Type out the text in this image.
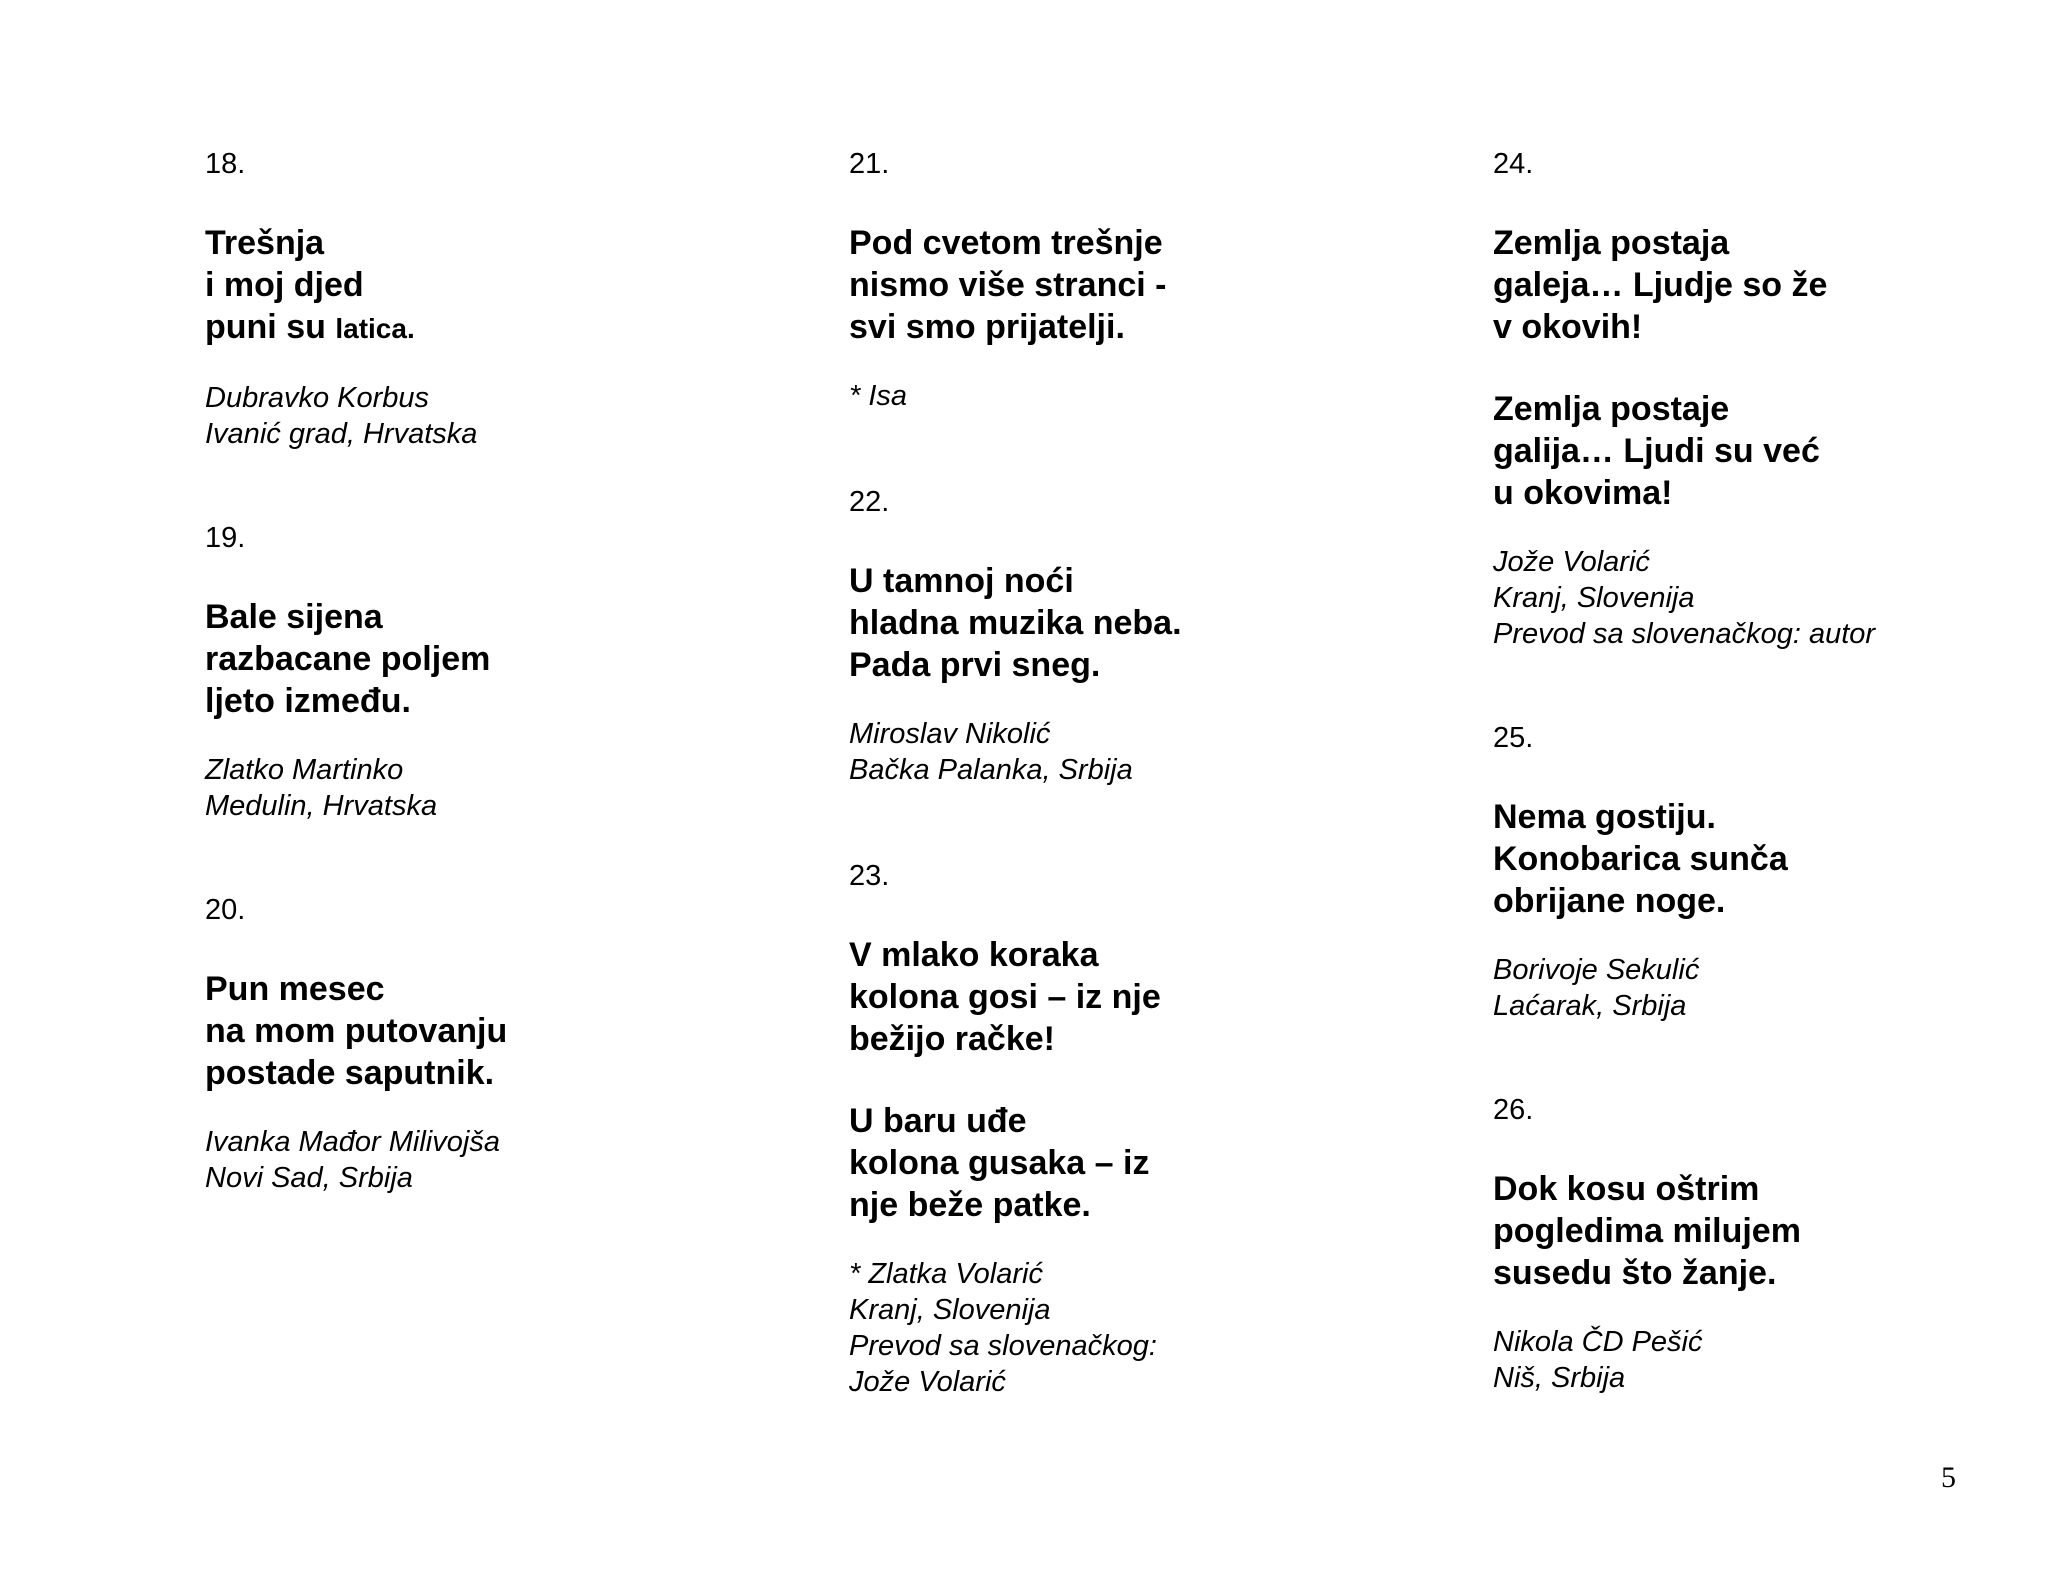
18.
Trešnja
i moj djed
puni su latica.
Dubravko Korbus
Ivanić grad, Hrvatska
19.
Bale sijena
razbacane poljem
ljeto između.
Zlatko Martinko
Medulin, Hrvatska
20.
Pun mesec
na mom putovanju
postade saputnik.
Ivanka Mađor Milivojša
Novi Sad, Srbija
21.
Pod cvetom trešnje
nismo više stranci -
svi smo prijatelji.
* Isa
22.
U tamnoj noći
hladna muzika neba.
Pada prvi sneg.
Miroslav Nikolić
Bačka Palanka, Srbija
23.
V mlako koraka
kolona gosi – iz nje
bežijo račke!
U baru uđe
kolona gusaka – iz
nje beže patke.
* Zlatka Volarić
Kranj, Slovenija
Prevod sa slovenačkog:
Jože Volarić
24.
Zemlja postaja
galeja… Ljudje so že
v okovih!
Zemlja postaje
galija… Ljudi su već
u okovima!
Jože Volarić
Kranj, Slovenija
Prevod sa slovenačkog: autor
25.
Nema gostiju.
Konobarica sunča
obrijane noge.
Borivoje Sekulić
Laćarak, Srbija
26.
Dok kosu oštrim
pogledima milujem
susedu što žanje.
Nikola ČD Pešić
Niš, Srbija
5
